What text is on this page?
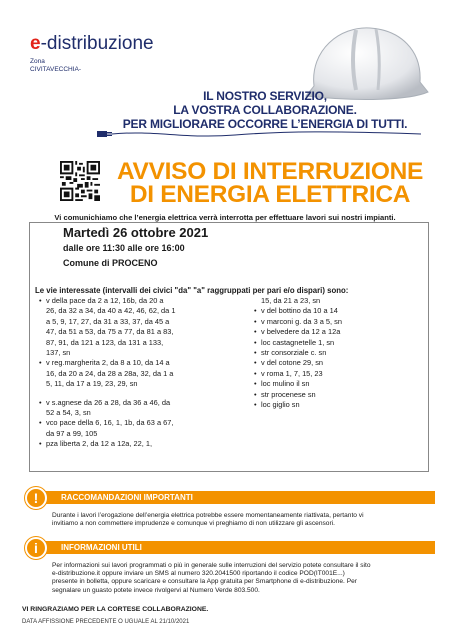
e-distribuzione
Zona
CIVITAVECCHIA-
IL NOSTRO SERVIZIO,
LA VOSTRA COLLABORAZIONE.
PER MIGLIORARE OCCORRE L’ENERGIA DI TUTTI.
AVVISO DI INTERRUZIONE
DI ENERGIA ELETTRICA
Vi comunichiamo che l’energia elettrica verrà interrotta per effettuare lavori sui nostri impianti.
Martedì 26 ottobre 2021
dalle ore 11:30 alle ore 16:00
Comune di PROCENO
Le vie interessate (intervalli dei civici "da" "a" raggruppati per pari e/o dispari) sono:
• v della pace da 2 a 12, 16b, da 20 a
26, da 32 a 34, da 40 a 42, 46, 62, da 1
a 5, 9, 17, 27, da 31 a 33, 37, da 45 a
47, da 51 a 53, da 75 a 77, da 81 a 83,
87, 91, da 121 a 123, da 131 a 133,
137, sn
• v reg.margherita 2, da 8 a 10, da 14 a
16, da 20 a 24, da 28 a 28a, 32, da 1 a
5, 11, da 17 a 19, 23, 29, sn
• v s.agnese da 26 a 28, da 36 a 46, da
52 a 54, 3, sn
• vco pace della 6, 16, 1, 1b, da 63 a 67,
da 97 a 99, 105
• pza liberta 2, da 12 a 12a, 22, 1,
15, da 21 a 23, sn
• v del bottino da 10 a 14
• v marconi g. da 3 a 5, sn
• v belvedere da 12 a 12a
• loc castagnetelle 1, sn
• str consorziale c. sn
• v del cotone 29, sn
• v roma 1, 7, 15, 23
• loc mulino il sn
• str procenese sn
• loc giglio sn
RACCOMANDAZIONI IMPORTANTI
!
Durante i lavori l’erogazione dell’energia elettrica potrebbe essere momentaneamente riattivata, pertanto vi
invitiamo a non commettere imprudenze e comunque vi preghiamo di non utilizzare gli ascensori.
INFORMAZIONI UTILI
i
Per informazioni sui lavori programmati o più in generale sulle interruzioni del servizio potete consultare il sito
e-distribuzione.it oppure inviare un SMS al numero 320.2041500 riportando il codice POD(IT001E...)
presente in bolletta, oppure scaricare e consultare la App gratuita per Smartphone di e-distribuzione. Per
segnalare un guasto potete invece rivolgervi al Numero Verde 803.500.
VI RINGRAZIAMO PER LA CORTESE COLLABORAZIONE.
DATA AFFISSIONE PRECEDENTE O UGUALE AL 21/10/2021
